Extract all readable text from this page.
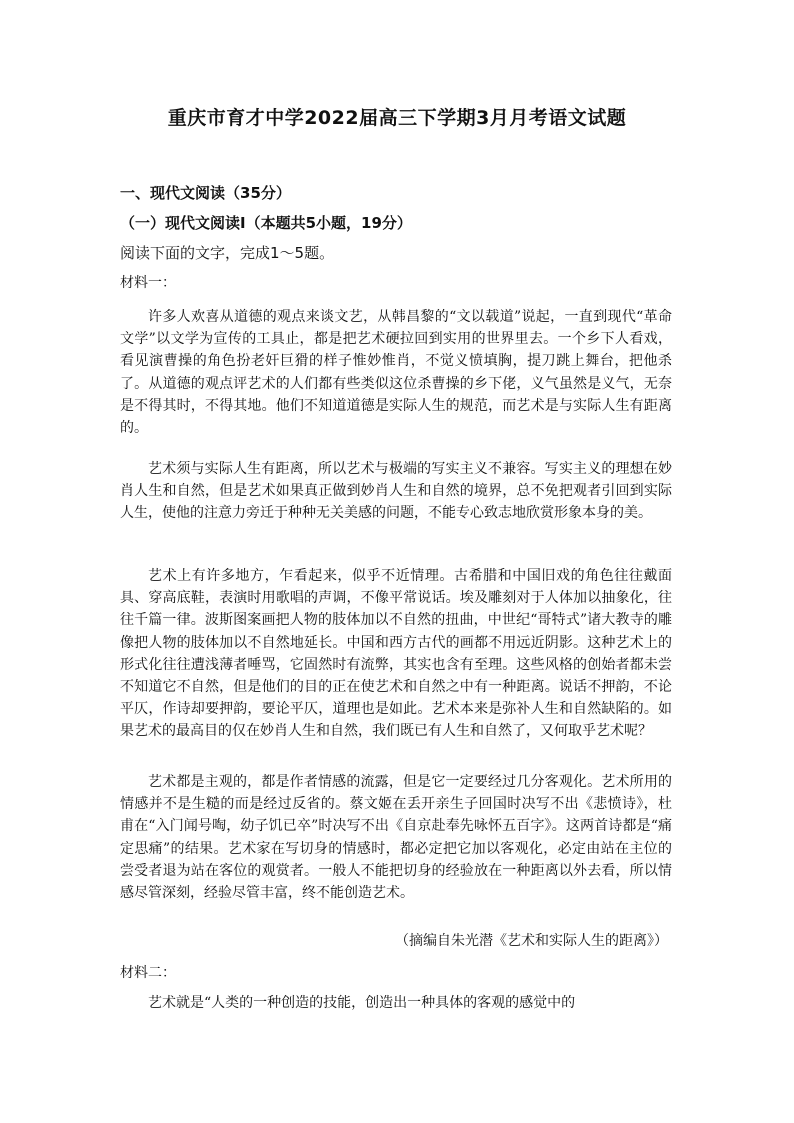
重庆市育才中学2022届高三下学期3月月考语文试题
一、现代文阅读（35分）
（一）现代文阅读Ⅰ（本题共5小题，19分）
阅读下面的文字，完成1～5题。
材料一：

许多人欢喜从道德的观点来谈文艺，从韩昌黎的“文以载道”说起，一直到现代“革命文学”以文学为宣传的工具止，都是把艺术硬拉回到实用的世界里去。一个乡下人看戏，看见演曹操的角色扮老奸巨猾的样子惟妙惟肖，不觉义愤填胸，提刀跳上舞台，把他杀了。从道德的观点评艺术的人们都有些类似这位杀曹操的乡下佬，义气虽然是义气，无奈是不得其时，不得其地。他们不知道道德是实际人生的规范，而艺术是与实际人生有距离的。

艺术须与实际人生有距离，所以艺术与极端的写实主义不兼容。写实主义的理想在妙肖人生和自然，但是艺术如果真正做到妙肖人生和自然的境界，总不免把观者引回到实际人生，使他的注意力旁迁于种种无关美感的问题，不能专心致志地欣赏形象本身的美。

艺术上有许多地方，乍看起来，似乎不近情理。古希腊和中国旧戏的角色往往戴面具、穿高底鞋，表演时用歌唱的声调，不像平常说话。埃及雕刻对于人体加以抽象化，往往千篇一律。波斯图案画把人物的肢体加以不自然的扭曲，中世纪“哥特式”诸大教寺的雕像把人物的肢体加以不自然地延长。中国和西方古代的画都不用远近阴影。这种艺术上的形式化往往遭浅薄者唾骂，它固然时有流弊，其实也含有至理。这些风格的创始者都未尝不知道它不自然，但是他们的目的正在使艺术和自然之中有一种距离。说话不押韵，不论平仄，作诗却要押韵，要论平仄，道理也是如此。艺术本来是弥补人生和自然缺陷的。如果艺术的最高目的仅在妙肖人生和自然，我们既已有人生和自然了，又何取乎艺术呢？

艺术都是主观的，都是作者情感的流露，但是它一定要经过几分客观化。艺术所用的情感并不是生糙的而是经过反省的。蔡文姬在丢开亲生子回国时决写不出《悲愤诗》，杜甫在“入门闻号啕，幼子饥已卒”时决写不出《自京赴奉先咏怀五百字》。这两首诗都是“痛定思痛”的结果。艺术家在写切身的情感时，都必定把它加以客观化，必定由站在主位的尝受者退为站在客位的观赏者。一般人不能把切身的经验放在一种距离以外去看，所以情感尽管深刻，经验尽管丰富，终不能创造艺术。

（摘编自朱光潜《艺术和实际人生的距离》）
材料二：

艺术就是“人类的一种创造的技能，创造出一种具体的客观的感觉中的
